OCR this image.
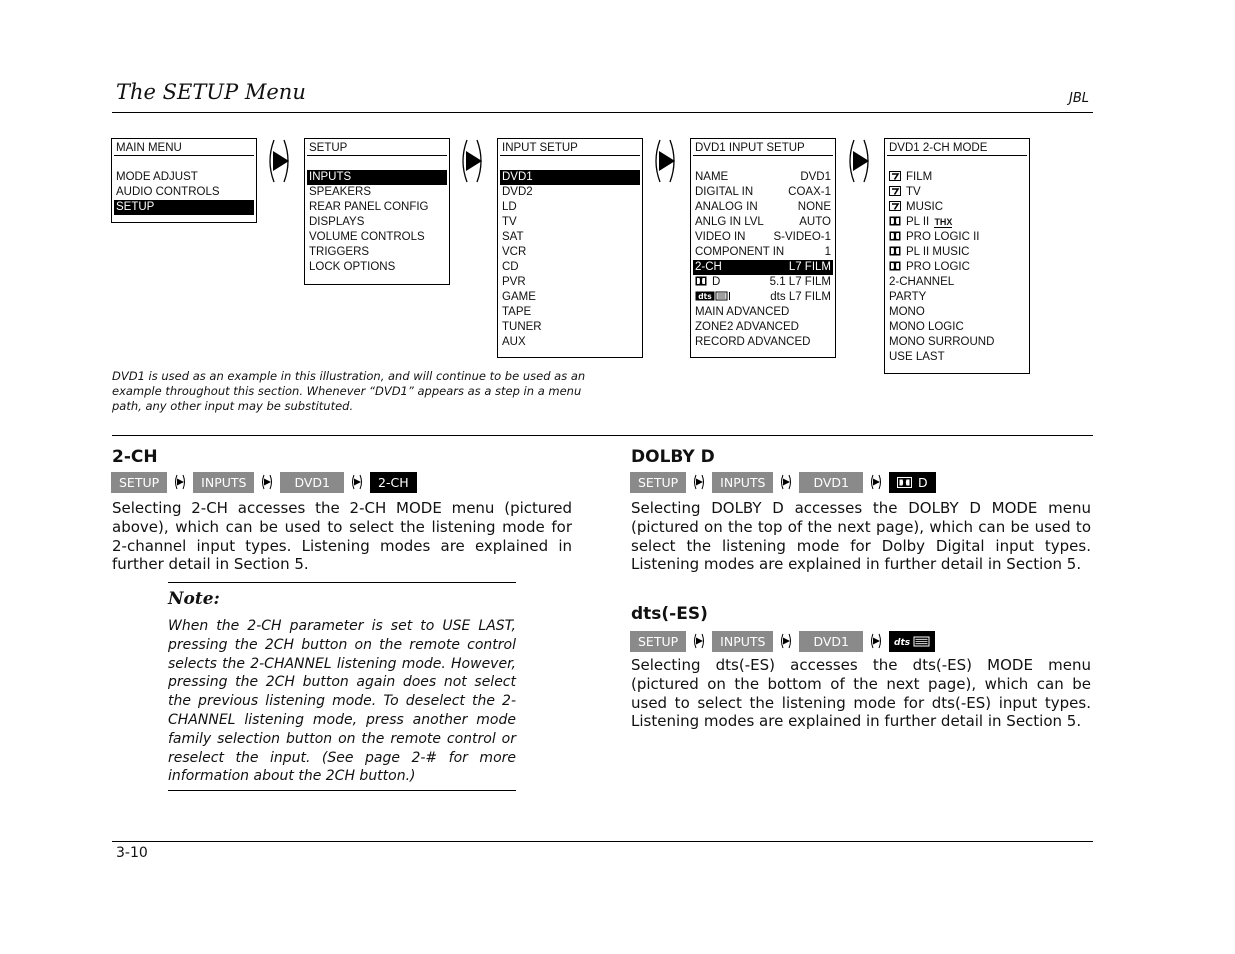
The SETUP Menu	JBL
MAIN MENU
MODE ADJUST
AUDIO CONTROLS
SETUP
SETUP
INPUTS
SPEAKERS
REAR PANEL CONFIG
DISPLAYS
VOLUME CONTROLS
TRIGGERS
LOCK OPTIONS
INPUT SETUP
DVD1
DVD2
LD
TV
SAT
VCR
CD
PVR
GAME
TAPE
TUNER
AUX
DVD1 INPUT SETUP
NAME	DVD1
DIGITAL IN	COAX-1
ANALOG IN	NONE
ANLG IN LVL	AUTO
VIDEO IN S-VIDEO-1
COMPONENT IN	1
2-CH	L7 FILM
D	5.1 L7 FILM
dts	dts L7 FILM
MAIN ADVANCED
ZONE2 ADVANCED
RECORD ADVANCED
DVD1 2-CH MODE
FILM
TV
MUSIC
PL II THX
PRO LOGIC II
PL II MUSIC
PRO LOGIC
2-CHANNEL
PARTY
MONO
MONO LOGIC
MONO SURROUND
USE LAST
DVD1 is used as an example in this illustration, and will continue to be used as an example throughout this section. Whenever “DVD1” appears as a step in a menu path, any other input may be substituted.
2-CH
SETUP	INPUTS	DVD1	2-CH
Selecting 2-CH accesses the 2-CH MODE menu (pictured above), which can be used to select the listening mode for 2-channel input types. Listening modes are explained in further detail in Section 5.
Note:
When the 2-CH parameter is set to USE LAST, pressing the 2CH button on the remote control selects the 2-CHANNEL listening mode. However, pressing the 2CH button again does not select the previous listening mode. To deselect the 2-CHANNEL listening mode, press another mode family selection button on the remote control or reselect the input. (See page 2-# for more information about the 2CH button.)
DOLBY D
SETUP	INPUTS	DVD1	D
Selecting DOLBY D accesses the DOLBY D MODE menu (pictured on the top of the next page), which can be used to select the listening mode for Dolby Digital input types. Listening modes are explained in further detail in Section 5.
dts(-ES)
SETUP	INPUTS	DVD1	dts
Selecting dts(-ES) accesses the dts(-ES) MODE menu (pictured on the bottom of the next page), which can be used to select the listening mode for dts(-ES) input types. Listening modes are explained in further detail in Section 5.
3-10
